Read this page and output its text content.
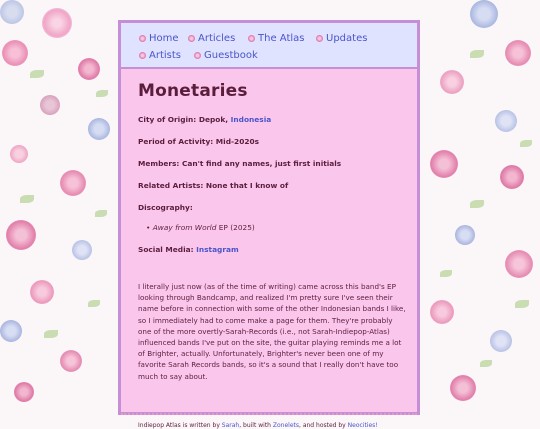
Home Articles The Atlas Updates
Artists Guestbook
Monetaries
City of Origin: Depok, Indonesia
Period of Activity: Mid-2020s
Members: Can't find any names, just first initials
Related Artists: None that I know of
Discography:
• Away from World EP (2025)
Social Media: Instagram
I literally just now (as of the time of writing) came across this band's EP looking through Bandcamp, and realized I'm pretty sure I've seen their name before in connection with some of the other Indonesian bands I like, so I immediately had to come make a page for them. They're probably one of the more overtly-Sarah-Records (i.e., not Sarah-Indiepop-Atlas) influenced bands I've put on the site, the guitar playing reminds me a lot of Brighter, actually. Unfortunately, Brighter's never been one of my favorite Sarah Records bands, so it's a sound that I really don't have too much to say about.
Indiepop Atlas is written by Sarah, built with Zonelets, and hosted by Neocities!
